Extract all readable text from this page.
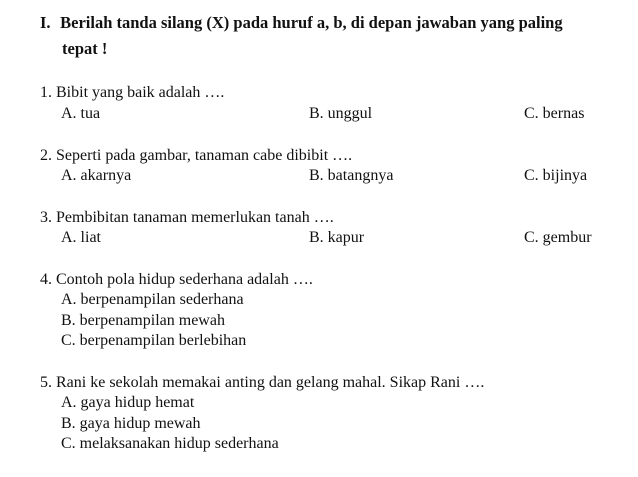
I. Berilah tanda silang (X) pada huruf a, b, di depan jawaban yang paling
tepat !
1. Bibit yang baik adalah ….
A. tua	B. unggul	C. bernas
2. Seperti pada gambar, tanaman cabe dibibit ….
A. akarnya	B. batangnya	C. bijinya
3. Pembibitan tanaman memerlukan tanah ….
A. liat	B. kapur	C. gembur
4. Contoh pola hidup sederhana adalah ….
A. berpenampilan sederhana
B. berpenampilan mewah
C. berpenampilan berlebihan
5. Rani ke sekolah memakai anting dan gelang mahal. Sikap Rani ….
A. gaya hidup hemat
B. gaya hidup mewah
C. melaksanakan hidup sederhana
